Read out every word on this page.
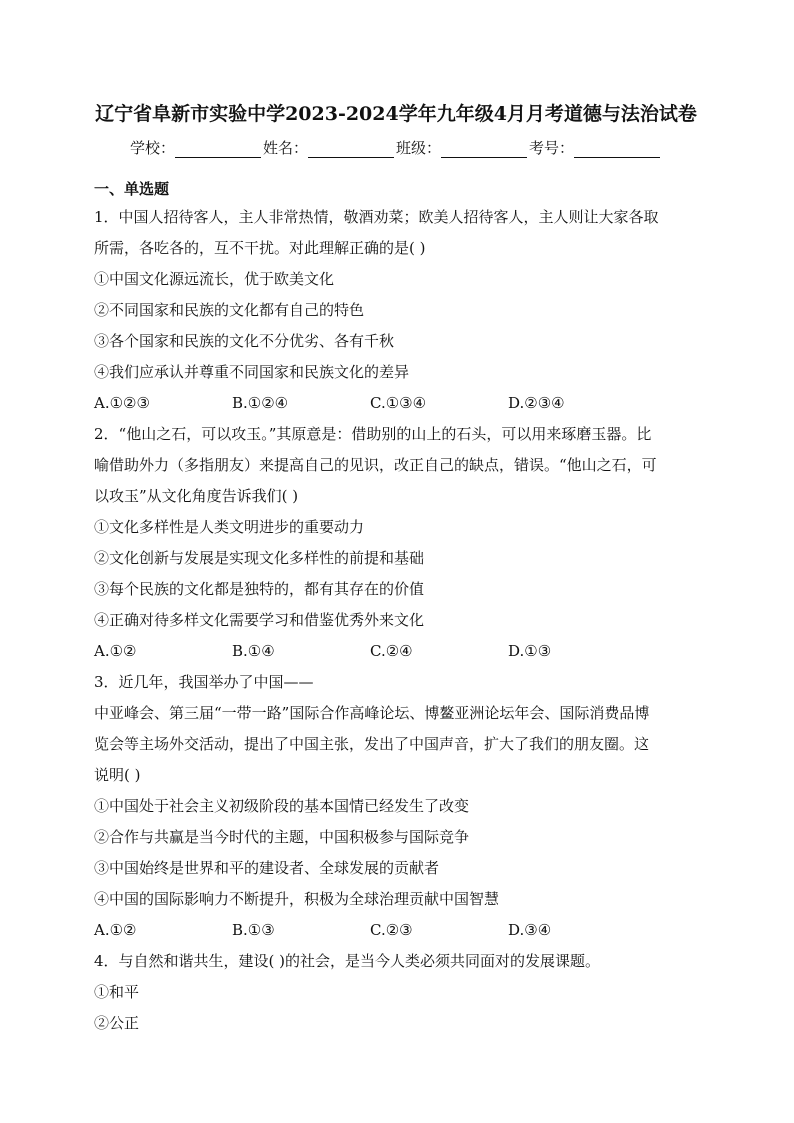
辽宁省阜新市实验中学2023-2024学年九年级4月月考道德与法治试卷
学校：	姓名：	班级：	考号：
一、单选题

1．中国人招待客人，主人非常热情，敬酒劝菜；欧美人招待客人，主人则让大家各取

所需，各吃各的，互不干扰。对此理解正确的是( )

①中国文化源远流长，优于欧美文化

②不同国家和民族的文化都有自己的特色

③各个国家和民族的文化不分优劣、各有千秋

④我们应承认并尊重不同国家和民族文化的差异

A.①②③	B.①②④	C.①③④	D.②③④

2．“他山之石，可以攻玉。”其原意是：借助别的山上的石头，可以用来琢磨玉器。比

喻借助外力（多指朋友）来提高自己的见识，改正自己的缺点，错误。“他山之石，可

以攻玉”从文化角度告诉我们( )

①文化多样性是人类文明进步的重要动力

②文化创新与发展是实现文化多样性的前提和基础

③每个民族的文化都是独特的，都有其存在的价值

④正确对待多样文化需要学习和借鉴优秀外来文化

A.①②	B.①④	C.②④	D.①③

3．近几年，我国举办了中国——

中亚峰会、第三届“一带一路”国际合作高峰论坛、博鳌亚洲论坛年会、国际消费品博

览会等主场外交活动，提出了中国主张，发出了中国声音，扩大了我们的朋友圈。这

说明( )

①中国处于社会主义初级阶段的基本国情已经发生了改变

②合作与共赢是当今时代的主题，中国积极参与国际竞争

③中国始终是世界和平的建设者、全球发展的贡献者

④中国的国际影响力不断提升，积极为全球治理贡献中国智慧

A.①②	B.①③	C.②③	D.③④

4．与自然和谐共生，建设( )的社会，是当今人类必须共同面对的发展课题。

①和平

②公正
